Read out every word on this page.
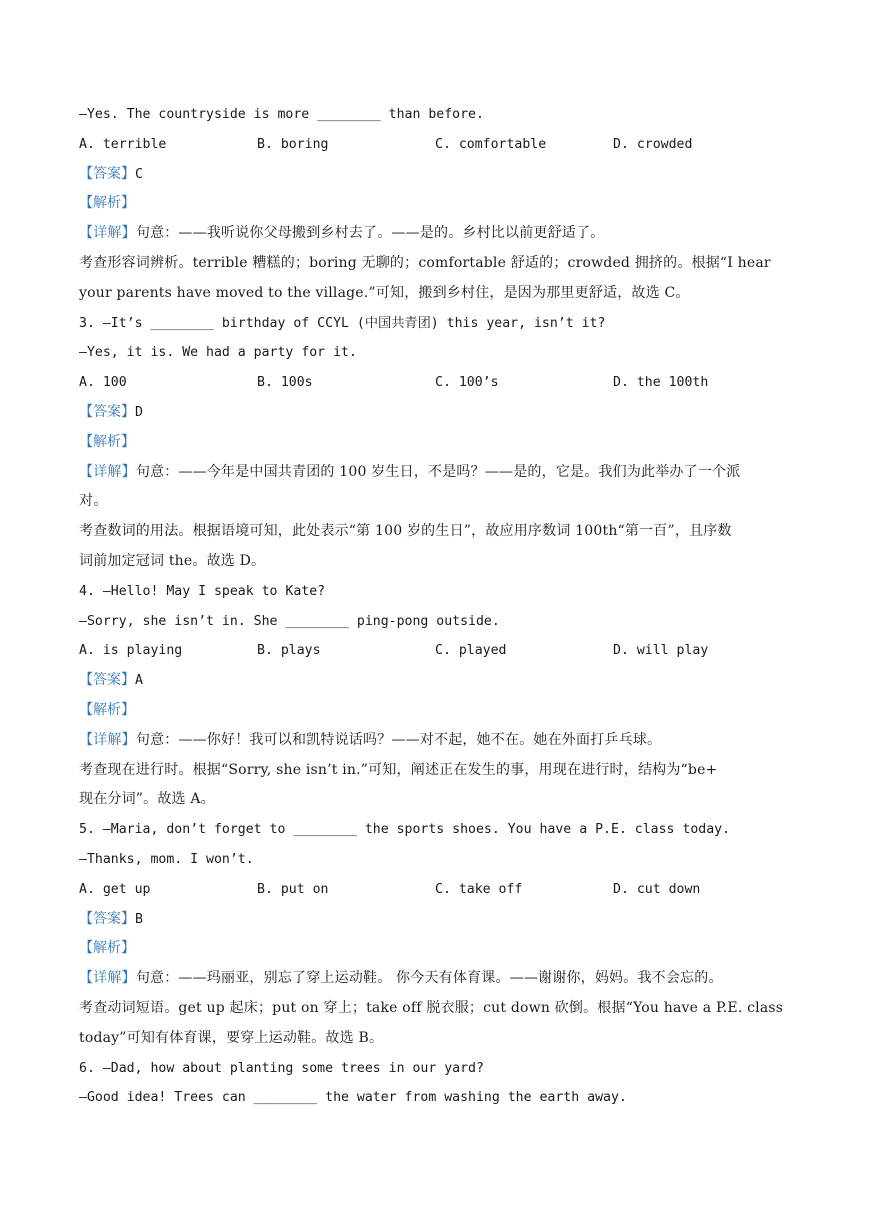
—Yes. The countryside is more ________ than before.
A. terrible	B. boring	C. comfortable	D. crowded
【答案】C
【解析】
【详解】句意：——我听说你父母搬到乡村去了。——是的。乡村比以前更舒适了。
考查形容词辨析。terrible 糟糕的；boring 无聊的；comfortable 舒适的；crowded 拥挤的。根据“I hear
your parents have moved to the village.”可知，搬到乡村住，是因为那里更舒适，故选 C。
3. —It’s ________ birthday of CCYL (中国共青团) this year, isn’t it?
—Yes, it is. We had a party for it.
A. 100	B. 100s	C. 100’s	D. the 100th
【答案】D
【解析】
【详解】句意：——今年是中国共青团的 100 岁生日，不是吗？——是的，它是。我们为此举办了一个派
对。
考查数词的用法。根据语境可知，此处表示“第 100 岁的生日”，故应用序数词 100th“第一百”，且序数
词前加定冠词 the。故选 D。
4. —Hello! May I speak to Kate?
—Sorry, she isn’t in. She ________ ping-pong outside.
A. is playing	B. plays	C. played	D. will play
【答案】A
【解析】
【详解】句意：——你好！我可以和凯特说话吗？——对不起，她不在。她在外面打乒乓球。
考查现在进行时。根据“Sorry, she isn’t in.”可知，阐述正在发生的事，用现在进行时，结构为“be+
现在分词”。故选 A。
5. —Maria, don’t forget to ________ the sports shoes. You have a P.E. class today.
—Thanks, mom. I won’t.
A. get up	B. put on	C. take off	D. cut down
【答案】B
【解析】
【详解】句意：——玛丽亚，别忘了穿上运动鞋。 你今天有体育课。——谢谢你，妈妈。我不会忘的。
考查动词短语。get up 起床；put on 穿上；take off 脱衣服；cut down 砍倒。根据“You have a P.E. class
today”可知有体育课，要穿上运动鞋。故选 B。
6. —Dad, how about planting some trees in our yard?
—Good idea! Trees can ________ the water from washing the earth away.
